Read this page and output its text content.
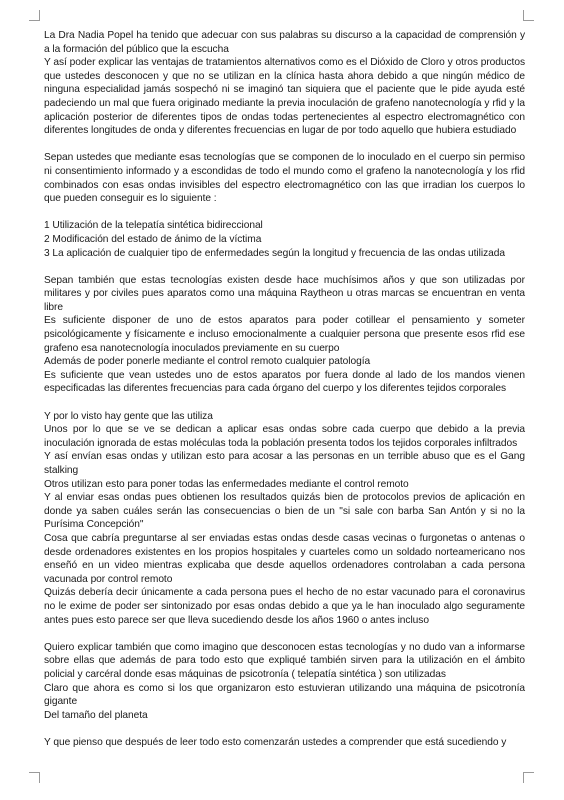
La Dra Nadia Popel ha tenido que adecuar con sus palabras su discurso a la capacidad de comprensión y a la formación del público que la escucha

Y así poder explicar las ventajas de tratamientos alternativos como es el Dióxido de Cloro y otros productos que ustedes desconocen y que no se utilizan en la clínica hasta ahora debido a que ningún médico de ninguna especialidad jamás sospechó ni se imaginó tan siquiera que el paciente que le pide ayuda esté padeciendo un mal que fuera originado mediante la previa inoculación de grafeno nanotecnología y rfid y la aplicación posterior de diferentes tipos de ondas todas pertenecientes al espectro electromagnético con diferentes longitudes de onda y diferentes frecuencias en lugar de por todo aquello que hubiera estudiado

Sepan ustedes que mediante esas tecnologías que se componen de lo inoculado en el cuerpo sin permiso ni consentimiento informado y a escondidas de todo el mundo como el grafeno la nanotecnología y los rfid combinados con esas ondas invisibles del espectro electromagnético con las que irradian los cuerpos lo que pueden conseguir es lo siguiente :

1 Utilización de la telepatía sintética bidireccional

2 Modificación del estado de ánimo de la víctima

3 La aplicación de cualquier tipo de enfermedades según la longitud y frecuencia de las ondas utilizada

Sepan también que estas tecnologías existen desde hace muchísimos años y que son utilizadas por militares y por civiles pues aparatos como una máquina Raytheon u otras marcas se encuentran en venta libre

Es suficiente disponer de uno de estos aparatos para poder cotillear el pensamiento y someter psicológicamente y físicamente e incluso emocionalmente a cualquier persona que presente esos rfid ese grafeno esa nanotecnología inoculados previamente en su cuerpo

Además de poder ponerle mediante el control remoto cualquier patología

Es suficiente que vean ustedes uno de estos aparatos por fuera donde al lado de los mandos vienen especificadas las diferentes frecuencias para cada órgano del cuerpo y los diferentes tejidos corporales

Y por lo visto hay gente que las utiliza

Unos por lo que se ve se dedican a aplicar esas ondas sobre cada cuerpo que debido a la previa inoculación ignorada de estas moléculas toda la población presenta todos los tejidos corporales infiltrados

Y así envían esas ondas y utilizan esto para acosar a las personas en un terrible abuso que es el Gang stalking

Otros utilizan esto para poner todas las enfermedades mediante el control remoto

Y al enviar esas ondas pues obtienen los resultados quizás bien de protocolos previos de aplicación en donde ya saben cuáles serán las consecuencias o bien de un "si sale con barba San Antón y si no la Purísima Concepción"

Cosa que cabría preguntarse al ser enviadas estas ondas desde casas vecinas o furgonetas o antenas o desde ordenadores existentes en los propios hospitales y cuarteles como un soldado norteamericano nos enseñó en un video mientras explicaba que desde aquellos ordenadores controlaban a cada persona vacunada por control remoto

Quizás debería decir únicamente a cada persona pues el hecho de no estar vacunado para el coronavirus no le exime de poder ser sintonizado por esas ondas debido a que ya le han inoculado algo seguramente antes pues esto parece ser que lleva sucediendo desde los años 1960 o antes incluso

Quiero explicar también que como imagino que desconocen estas tecnologías y no dudo van a informarse sobre ellas que además de para todo esto que expliqué también sirven para la utilización en el ámbito policial y carcéral donde esas máquinas de psicotronía ( telepatía sintética ) son utilizadas

Claro que ahora es como si los que organizaron esto estuvieran utilizando una máquina de psicotronía gigante

Del tamaño del planeta

Y que pienso que después de leer todo esto comenzarán ustedes a comprender que está sucediendo y
